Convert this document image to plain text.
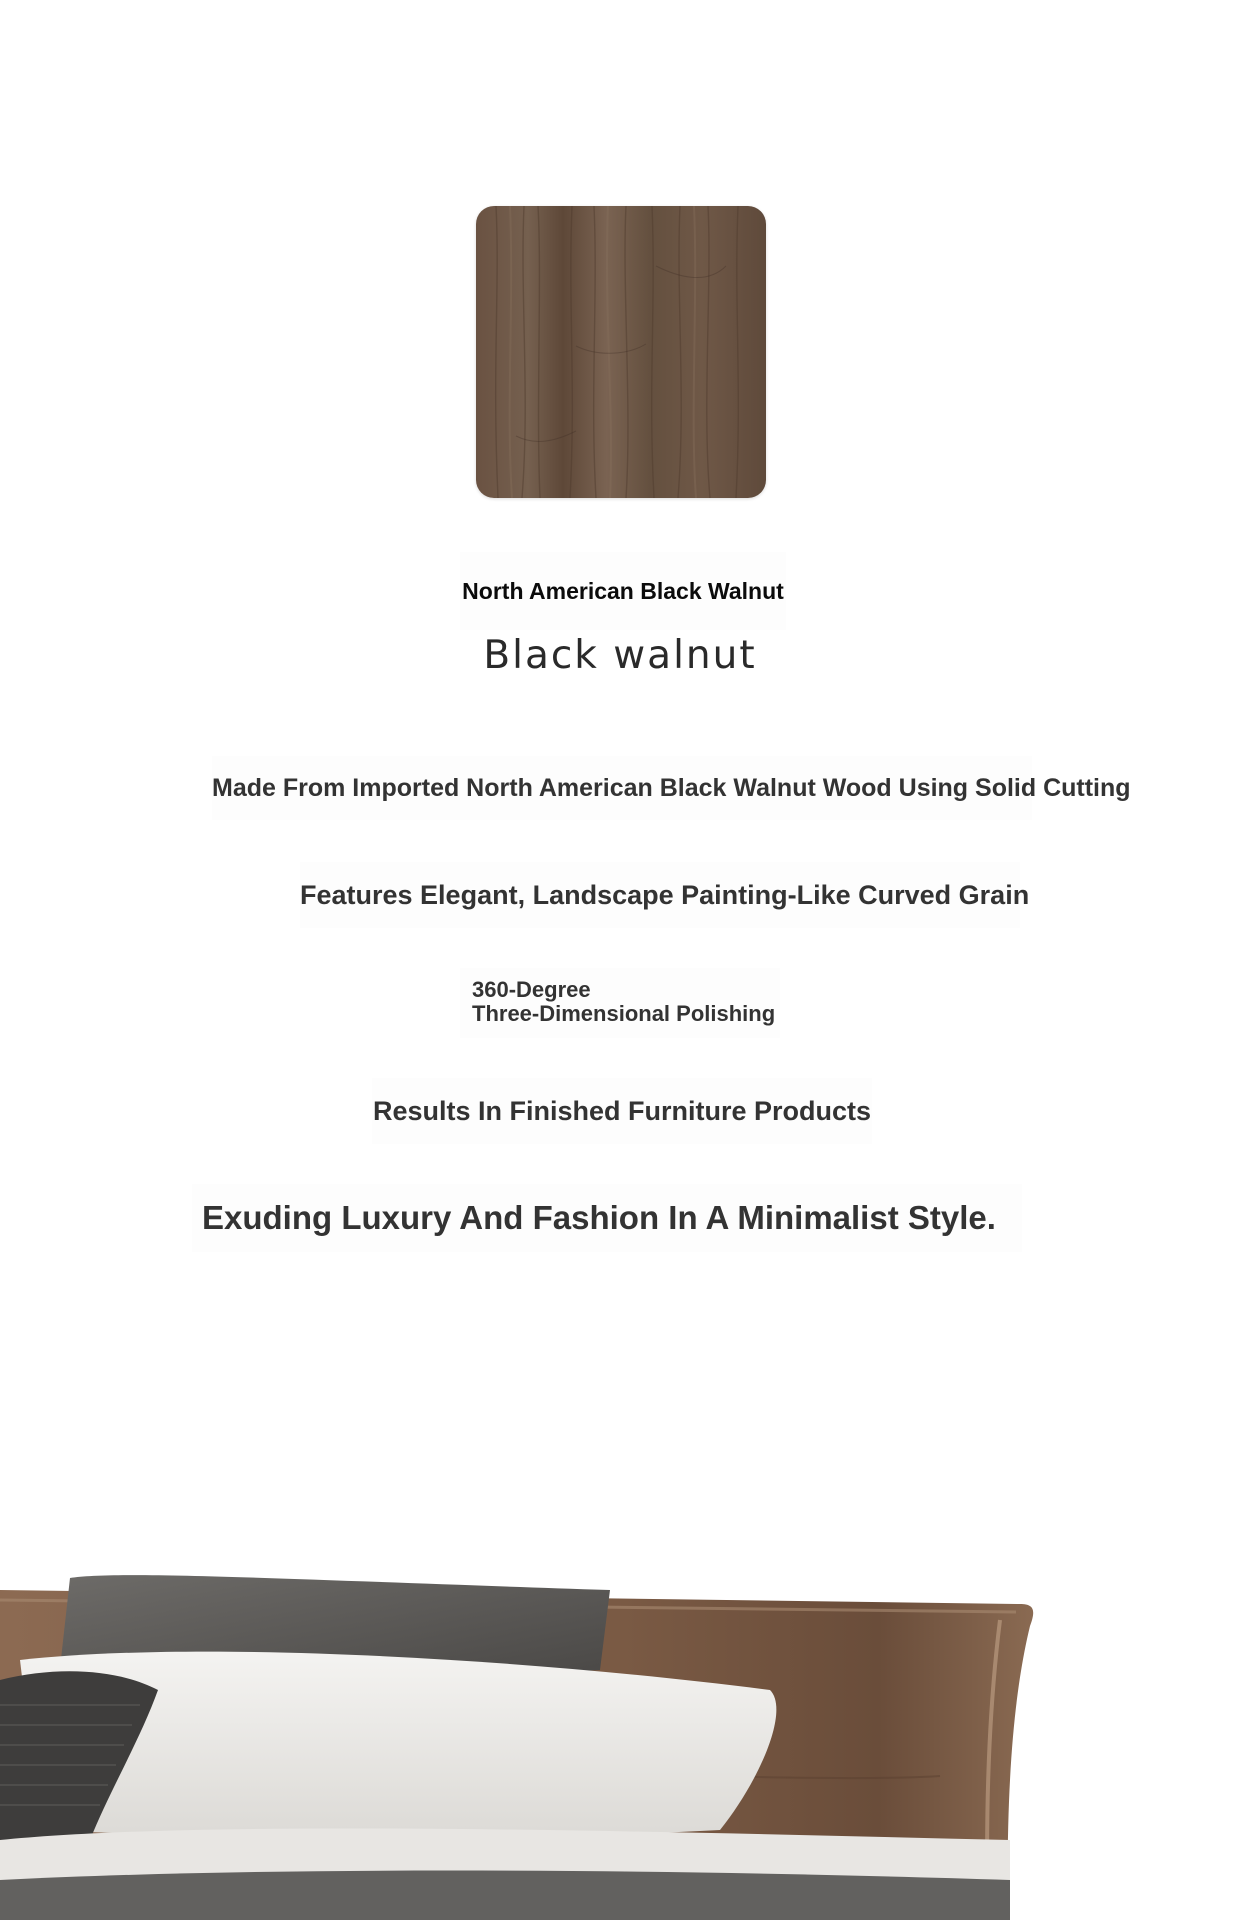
North American Black Walnut
Black walnut
Made From Imported North American Black Walnut Wood Using Solid Cutting
Features Elegant, Landscape Painting-Like Curved Grain
360-Degree
Three-Dimensional Polishing
Results In Finished Furniture Products
Exuding Luxury And Fashion In A Minimalist Style.
